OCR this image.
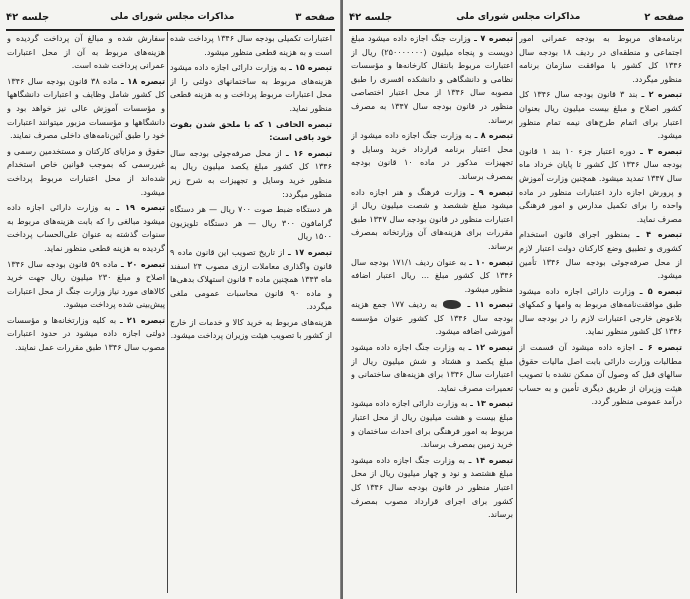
صفحه ۳
مذاکرات مجلس شورای ملی
جلسه ۴۲

اعتبارات تکمیلی بودجه سال ۱۳۴۶ پرداخت شده است و به هزینه قطعی منظور میشود.

تبصره ۱۵ ـ به وزارت دارائی اجازه داده میشود هزینه‌های مربوط به ساختمانهای دولتی را از محل اعتبارات مربوط پرداخت و به هزینه قطعی منظور نماید.

تبصره الحاقی ۱ که با ملحق شدن بقوت خود باقی است:

تبصره ۱۶ ـ از محل صرفه‌جوئی بودجه سال ۱۳۴۶ کل کشور مبلغ یکصد میلیون ریال به منظور خرید وسایل و تجهیزات به شرح زیر منظور میگردد:

هر دستگاه ضبط صوت ۷۰۰ ریال — هر دستگاه گرامافون ۳۰۰ ریال — هر دستگاه تلویزیون ۱۵۰۰ ریال

تبصره ۱۷ ـ از تاریخ تصویب این قانون ماده ۹ قانون واگذاری معاملات ارزی مصوب ۲۴ اسفند ماه ۱۳۴۳ همچنین ماده ۴ قانون استهلاک بدهی‌ها و ماده ۹۰ قانون محاسبات عمومی ملغی میگردد.

هزینه‌های مربوط به خرید کالا و خدمات از خارج از کشور با تصویب هیئت وزیران پرداخت میشود.

سفارش شده و مبالغ آن پرداخت گردیده و هزینه‌های مربوط به آن از محل اعتبارات عمرانی پرداخت شده است.

تبصره ۱۸ ـ ماده ۳۸ قانون بودجه سال ۱۳۴۶ کل کشور شامل وظایف و اعتبارات دانشگاهها و مؤسسات آموزش عالی نیز خواهد بود و دانشگاهها و مؤسسات مزبور میتوانند اعتبارات خود را طبق آئین‌نامه‌های داخلی مصرف نمایند.

حقوق و مزایای کارکنان و مستخدمین رسمی و غیررسمی که بموجب قوانین خاص استخدام شده‌اند از محل اعتبارات مربوط پرداخت میشود.

تبصره ۱۹ ـ به وزارت دارائی اجازه داده میشود مبالغی را که بابت هزینه‌های مربوط به سنوات گذشته به عنوان علی‌الحساب پرداخت گردیده به هزینه قطعی منظور نماید.

تبصره ۲۰ ـ ماده ۵۹ قانون بودجه سال ۱۳۴۶ اصلاح و مبلغ ۲۳۰ میلیون ریال جهت خرید کالاهای مورد نیاز وزارت جنگ از محل اعتبارات پیش‌بینی شده پرداخت میشود.

تبصره ۲۱ ـ به کلیه وزارتخانه‌ها و مؤسسات دولتی اجازه داده میشود در حدود اعتبارات مصوب سال ۱۳۴۶ طبق مقررات عمل نمایند.

صفحه ۲
مذاکرات مجلس شورای ملی
جلسه ۴۲

برنامه‌های مربوط به بودجه عمرانی امور اجتماعی و منطقه‌ای در ردیف ۱۸ بودجه سال ۱۳۴۶ کل کشور با موافقت سازمان برنامه منظور میگردد.

تبصره ۲ ـ بند ۳ قانون بودجه سال ۱۳۴۶ کل کشور اصلاح و مبلغ بیست میلیون ریال بعنوان اعتبار برای اتمام طرح‌های نیمه تمام منظور میشود.

تبصره ۳ ـ دوره اعتبار جزء ۱۰ بند ۱ قانون بودجه سال ۱۳۴۶ کل کشور تا پایان خرداد ماه سال ۱۳۴۷ تمدید میشود. همچنین وزارت آموزش و پرورش اجازه دارد اعتبارات منظور در ماده واحده را برای تکمیل مدارس و امور فرهنگی مصرف نماید.

تبصره ۴ ـ بمنظور اجرای قانون استخدام کشوری و تطبیق وضع کارکنان دولت اعتبار لازم از محل صرفه‌جوئی بودجه سال ۱۳۴۶ تأمین میشود.

تبصره ۵ ـ وزارت دارائی اجازه داده میشود طبق موافقت‌نامه‌های مربوط به وامها و کمکهای بلاعوض خارجی اعتبارات لازم را در بودجه سال ۱۳۴۶ کل کشور منظور نماید.

تبصره ۶ ـ اجازه داده میشود آن قسمت از مطالبات وزارت دارائی بابت اصل مالیات حقوق سالهای قبل که وصول آن ممکن نشده با تصویب هیئت وزیران از طریق دیگری تأمین و به حساب درآمد عمومی منظور گردد.

تبصره ۷ ـ وزارت جنگ اجازه داده میشود مبلغ دویست و پنجاه میلیون (۲۵۰۰۰۰۰۰۰) ریال از اعتبارات مربوط بانتقال کارخانه‌ها و مؤسسات نظامی و دانشگاهی و دانشکده افسری را طبق مصوبه سال ۱۳۴۶ از محل اعتبار اختصاصی منظور در قانون بودجه سال ۱۳۴۷ به مصرف برساند.

تبصره ۸ ـ به وزارت جنگ اجازه داده میشود از محل اعتبار برنامه قرارداد خرید وسایل و تجهیزات مذکور در ماده ۱۰ قانون بودجه بمصرف برساند.

تبصره ۹ ـ وزارت فرهنگ و هنر اجازه داده میشود مبلغ ششصد و شصت میلیون ریال از اعتبارات منظور در قانون بودجه سال ۱۳۴۷ طبق مقررات برای هزینه‌های آن وزارتخانه بمصرف برساند.

تبصره ۱۰ ـ به عنوان ردیف ۱۷۱/۱ بودجه سال ۱۳۴۶ کل کشور مبلغ ... ریال اعتبار اضافه منظور میشود.

تبصره ۱۱ ـ  به ردیف ۱۷۷ جمع هزینه بودجه سال ۱۳۴۶ کل کشور عنوان مؤسسه آموزشی اضافه میشود.

تبصره ۱۲ ـ به وزارت جنگ اجازه داده میشود مبلغ یکصد و هشتاد و شش میلیون ریال از اعتبارات سال ۱۳۴۶ برای هزینه‌های ساختمانی و تعمیرات مصرف نماید.

تبصره ۱۳ ـ به وزارت دارائی اجازه داده میشود مبلغ بیست و هشت میلیون ریال از محل اعتبار مربوط به امور فرهنگی برای احداث ساختمان و خرید زمین بمصرف برساند.

تبصره ۱۴ ـ به وزارت جنگ اجازه داده میشود مبلغ هشتصد و نود و چهار میلیون ریال از محل اعتبار منظور در قانون بودجه سال ۱۳۴۶ کل کشور برای اجرای قرارداد مصوب بمصرف برساند.
